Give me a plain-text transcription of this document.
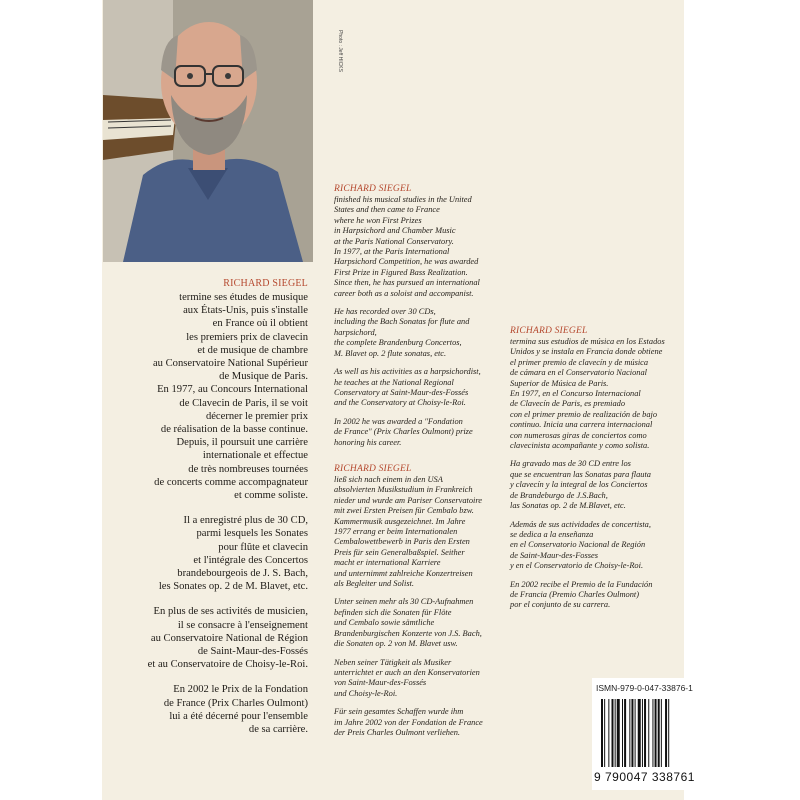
Photo : Jeff HICKS
RICHARD SIEGEL

termine ses études de musique
aux États-Unis, puis s'installe
en France où il obtient
les premiers prix de clavecin
et de musique de chambre
au Conservatoire National Supérieur
de Musique de Paris.
En 1977, au Concours International
de Clavecin de Paris, il se voit
décerner le premier prix
de réalisation de la basse continue.
Depuis, il poursuit une carrière
internationale et effectue
de très nombreuses tournées
de concerts comme accompagnateur
et comme soliste.

Il a enregistré plus de 30 CD,
parmi lesquels les Sonates
pour flûte et clavecin
et l'intégrale des Concertos
brandebourgeois de J. S. Bach,
les Sonates op. 2 de M. Blavet, etc.

En plus de ses activités de musicien,
il se consacre à l'enseignement
au Conservatoire National de Région
de Saint-Maur-des-Fossés
et au Conservatoire de Choisy-le-Roi.

En 2002 le Prix de la Fondation
de France (Prix Charles Oulmont)
lui a été décerné pour l'ensemble
de sa carrière.

RICHARD SIEGEL

finished his musical studies in the United
States and then came to France
where he won First Prizes
in Harpsichord and Chamber Music
at the Paris National Conservatory.
In 1977, at the Paris International
Harpsichord Competition, he was awarded
First Prize in Figured Bass Realization.
Since then, he has pursued an international
career both as a soloist and accompanist.

He has recorded over 30 CDs,
including the Bach Sonatas for flute and harpsichord,
the complete Brandenburg Concertos,
M. Blavet op. 2 flute sonatas, etc.

As well as his activities as a harpsichordist,
he teaches at the National Regional
Conservatory at Saint-Maur-des-Fossés
and the Conservatory at Choisy-le-Roi.

In 2002 he was awarded a "Fondation
de France" (Prix Charles Oulmont) prize
honoring his career.

RICHARD SIEGEL

ließ sich nach einem in den USA
absolvierten Musikstudium in Frankreich
nieder und wurde am Pariser Conservatoire
mit zwei Ersten Preisen für Cembalo bzw.
Kammermusik ausgezeichnet. Im Jahre
1977 errang er beim Internationalen
Cembalowettbewerb in Paris den Ersten
Preis für sein Generalbaßspiel. Seither
macht er international Karriere
und unternimmt zahlreiche Konzertreisen
als Begleiter und Solist.

Unter seinen mehr als 30 CD-Aufnahmen
befinden sich die Sonaten für Flöte
und Cembalo sowie sämtliche
Brandenburgischen Konzerte von J.S. Bach,
die Sonaten op. 2 von M. Blavet usw.

Neben seiner Tätigkeit als Musiker
unterrichtet er auch an den Konservatorien
von Saint-Maur-des-Fossés
und Choisy-le-Roi.

Für sein gesamtes Schaffen wurde ihm
im Jahre 2002 von der Fondation de France
der Preis Charles Oulmont verliehen.

RICHARD SIEGEL

termina sus estudios de música en los Estados
Unidos y se instala en Francia donde obtiene
el primer premio de clavecín y de música
de cámara en el Conservatorio Nacional
Superior de Música de Paris.
En 1977, en el Concurso Internacional
de Clavecín de Paris, es premiado
con el primer premio de realización de bajo
continuo. Inicia una carrera internacional
con numerosas giras de conciertos como
clavecinista acompañante y como solista.

Ha gravado mas de 30 CD entre los
que se encuentran las Sonatas para flauta
y clavecín y la integral de los Conciertos
de Brandeburgo de J.S.Bach,
las Sonatas op. 2 de M.Blavet, etc.

Además de sus actividades de concertista,
se dedica a la enseñanza
en el Conservatorio Nacional de Región
de Saint-Maur-des-Fosses
y en el Conservatorio de Choisy-le-Roi.

En 2002 recibe el Premio de la Fundación
de Francia (Premio Charles Oulmont)
por el conjunto de su carrera.

ISMN-979-0-047-33876-1
9 790047 338761
